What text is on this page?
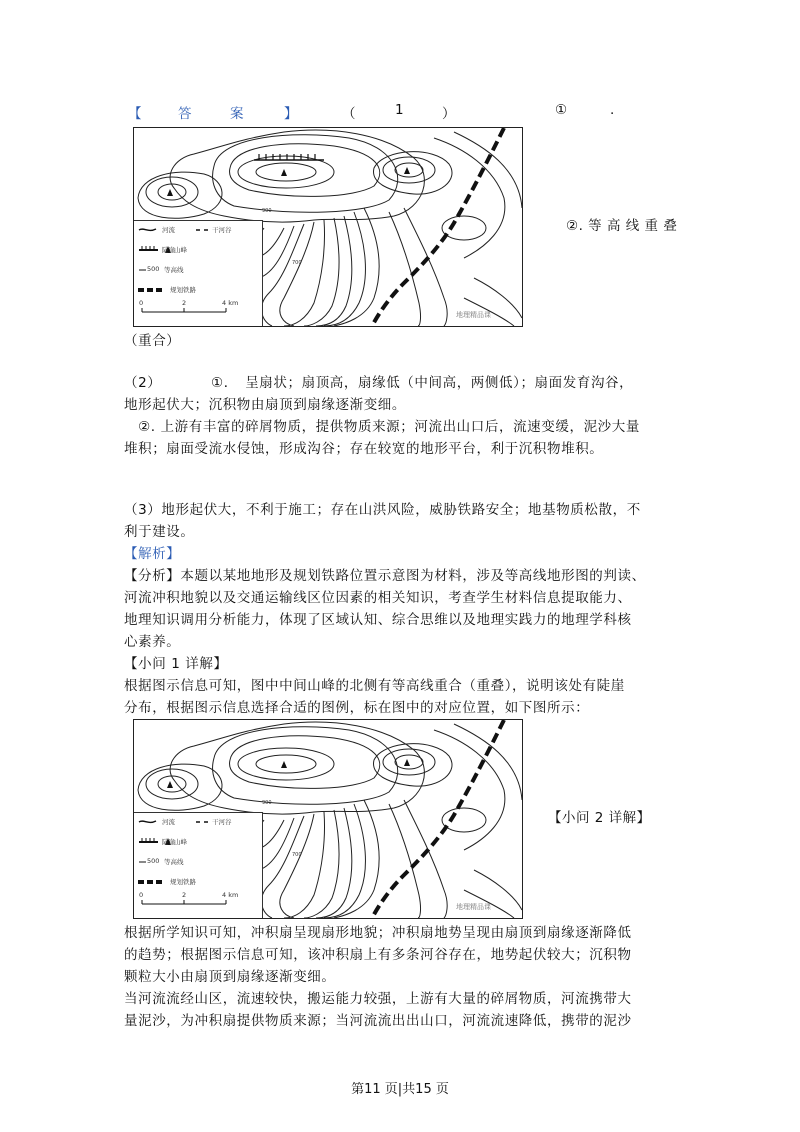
【	答	案	】	（	1	）	①	.
900
700
河流	干河谷
陡崖 山峰
500 等高线
规划铁路
0	2	4 km
地理精品课
②. 等 高 线 重 叠
（重合）
（2）　　　　①．　呈扇状；扇顶高，扇缘低（中间高，两侧低）；扇面发育沟谷，
地形起伏大；沉积物由扇顶到扇缘逐渐变细。
　②. 上游有丰富的碎屑物质，提供物质来源；河流出山口后，流速变缓，泥沙大量
堆积；扇面受流水侵蚀，形成沟谷；存在较宽的地形平台，利于沉积物堆积。
（3）地形起伏大，不利于施工；存在山洪风险，威胁铁路安全；地基物质松散，不
利于建设。
【解析】
【分析】本题以某地地形及规划铁路位置示意图为材料，涉及等高线地形图的判读、
河流冲积地貌以及交通运输线区位因素的相关知识，考查学生材料信息提取能力、
地理知识调用分析能力，体现了区域认知、综合思维以及地理实践力的地理学科核
心素养。
【小问 1 详解】
根据图示信息可知，图中中间山峰的北侧有等高线重合（重叠），说明该处有陡崖
分布，根据图示信息选择合适的图例，标在图中的对应位置，如下图所示：
900
700
河流	干河谷
陡崖 山峰
500 等高线
规划铁路
0	2	4 km
地理精品课
【小问 2 详解】
根据所学知识可知，冲积扇呈现扇形地貌；冲积扇地势呈现由扇顶到扇缘逐渐降低
的趋势；根据图示信息可知，该冲积扇上有多条河谷存在，地势起伏较大；沉积物
颗粒大小由扇顶到扇缘逐渐变细。
当河流流经山区，流速较快，搬运能力较强，上游有大量的碎屑物质，河流携带大
量泥沙，为冲积扇提供物质来源；当河流流出出山口，河流流速降低，携带的泥沙
第11 页|共15 页
